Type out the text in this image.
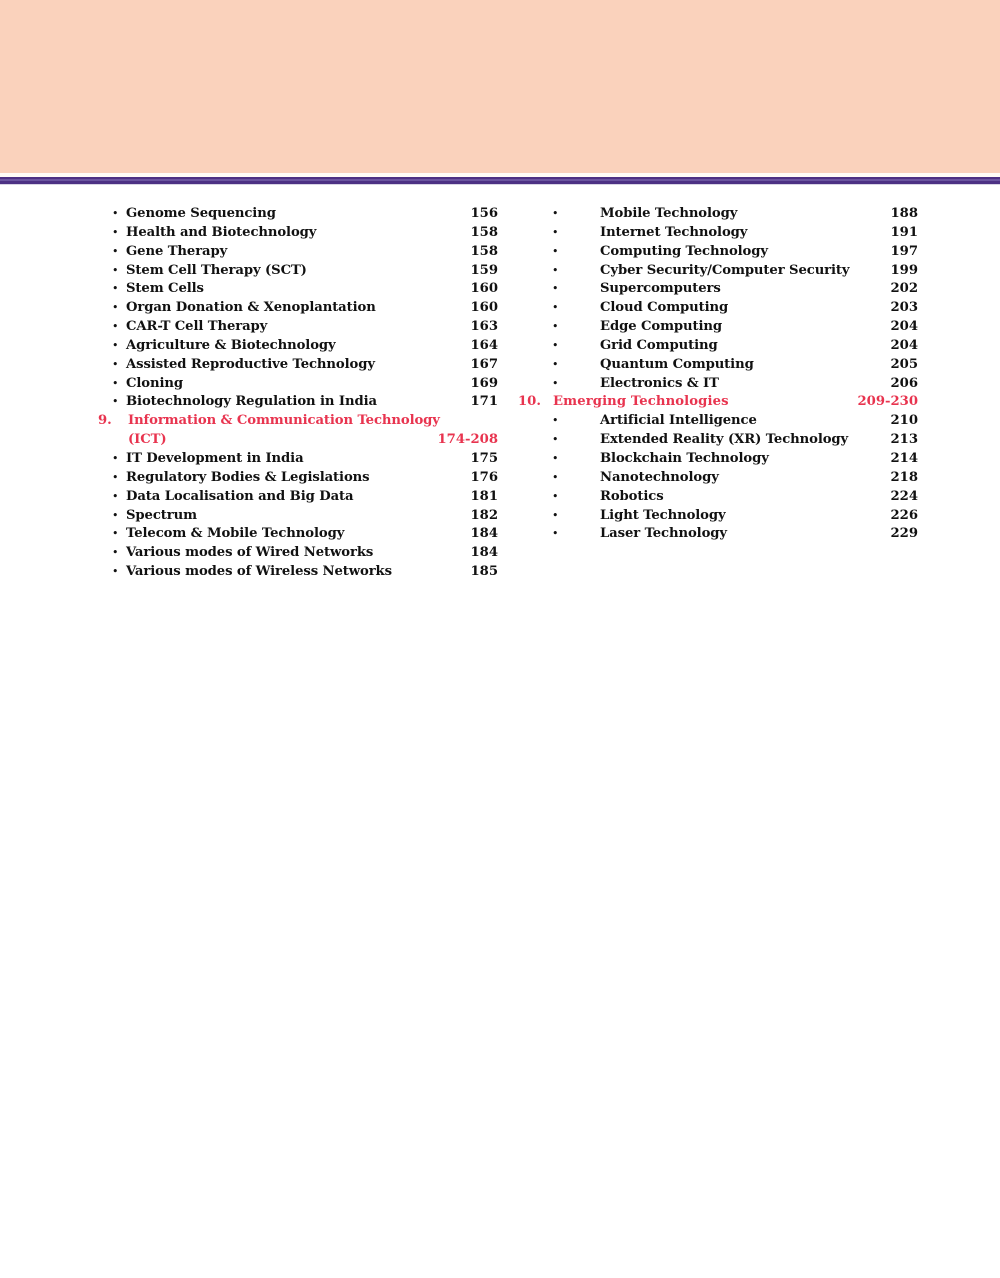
• Genome Sequencing	156
• Health and Biotechnology	158
• Gene Therapy	158
• Stem Cell Therapy (SCT)	159
• Stem Cells	160
• Organ Donation & Xenoplantation	160
• CAR-T Cell Therapy	163
• Agriculture & Biotechnology	164
• Assisted Reproductive Technology	167
• Cloning	169
• Biotechnology Regulation in India	171
9.	Information & Communication Technology
(ICT)	174-208
• IT Development in India	175
• Regulatory Bodies & Legislations	176
• Data Localisation and Big Data	181
• Spectrum	182
• Telecom & Mobile Technology	184
• Various modes of Wired Networks	184
• Various modes of Wireless Networks	185
•	Mobile Technology	188
•	Internet Technology	191
•	Computing Technology	197
•	Cyber Security/Computer Security	199
•	Supercomputers	202
•	Cloud Computing	203
•	Edge Computing	204
•	Grid Computing	204
•	Quantum Computing	205
•	Electronics & IT	206
10. Emerging Technologies	209-230
•	Artificial Intelligence	210
•	Extended Reality (XR) Technology	213
•	Blockchain Technology	214
•	Nanotechnology	218
•	Robotics	224
•	Light Technology	226
•	Laser Technology	229
